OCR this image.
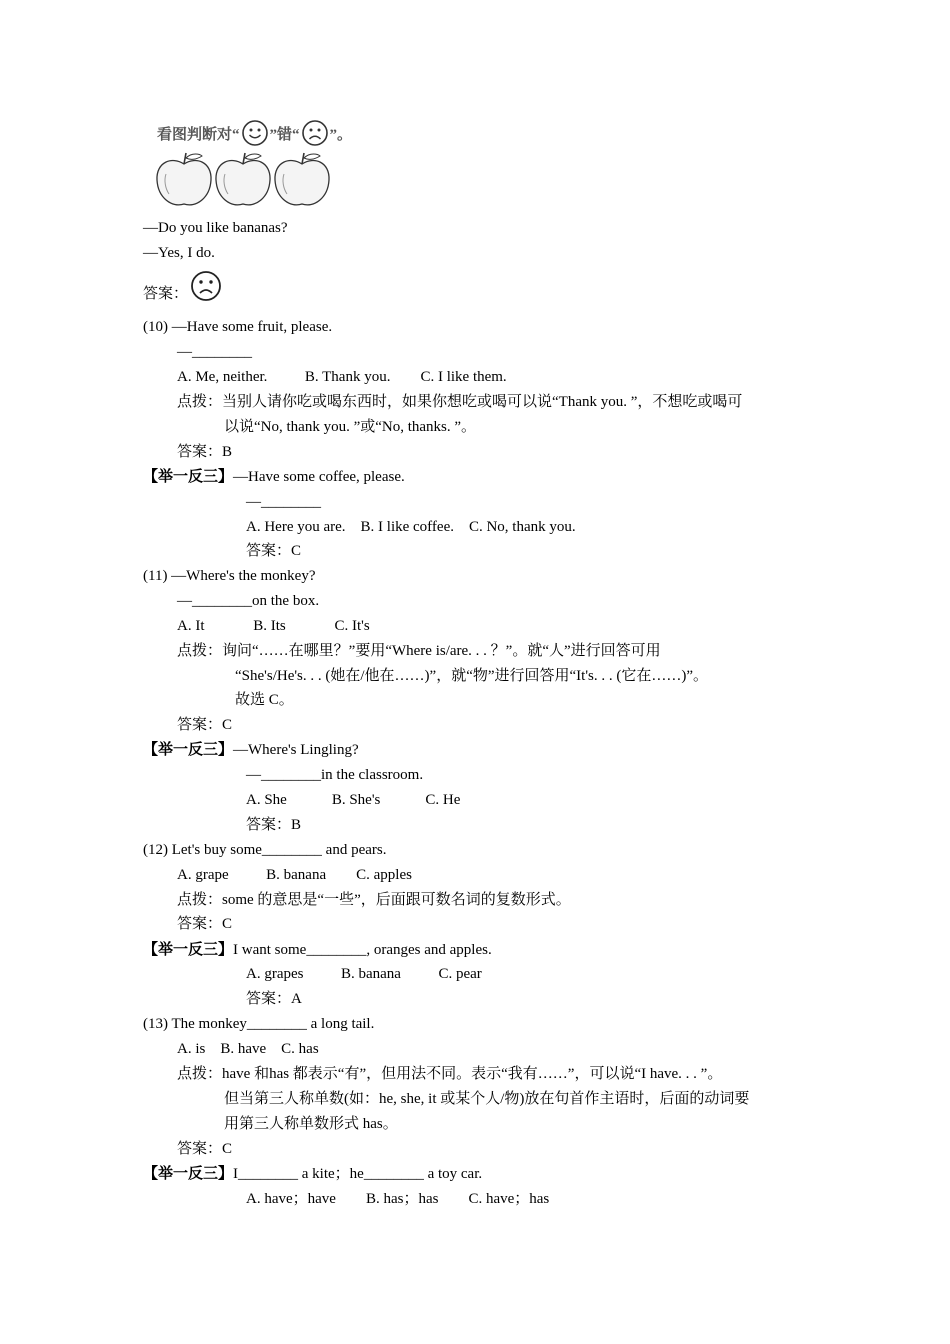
看图判断对“ ”错“ ”。
—Do you like bananas?
—Yes, I do.
答案：
(10) —Have some fruit, please.
—________
A. Me, neither.          B. Thank you.        C. I like them.
点拨：当别人请你吃或喝东西时，如果你想吃或喝可以说“Thank you. ”，不想吃或喝可
以说“No, thank you. ”或“No, thanks. ”。
答案：B
【举一反三】—Have some coffee, please.
—________
A. Here you are.    B. I like coffee.    C. No, thank you.
答案：C
(11) —Where's the monkey?
—________on the box.
A. It             B. Its             C. It's
点拨：询问“……在哪里？”要用“Where is/are. . . ？”。就“人”进行回答可用
“She's/He's. . . (她在/他在……)”，就“物”进行回答用“It's. . . (它在……)”。
故选 C。
答案：C
【举一反三】—Where's Lingling?
—________in the classroom.
A. She            B. She's            C. He
答案：B
(12) Let's buy some________ and pears.
A. grape          B. banana        C. apples
点拨：some 的意思是“一些”，后面跟可数名词的复数形式。
答案：C
【举一反三】I want some________, oranges and apples.
A. grapes          B. banana          C. pear
答案：A
(13) The monkey________ a long tail.
A. is    B. have    C. has
点拨：have 和has 都表示“有”，但用法不同。表示“我有……”，可以说“I have. . . ”。
但当第三人称单数(如：he, she, it 或某个人/物)放在句首作主语时，后面的动词要
用第三人称单数形式 has。
答案：C
【举一反三】I________ a kite；he________ a toy car.
A. have；have        B. has；has        C. have；has
